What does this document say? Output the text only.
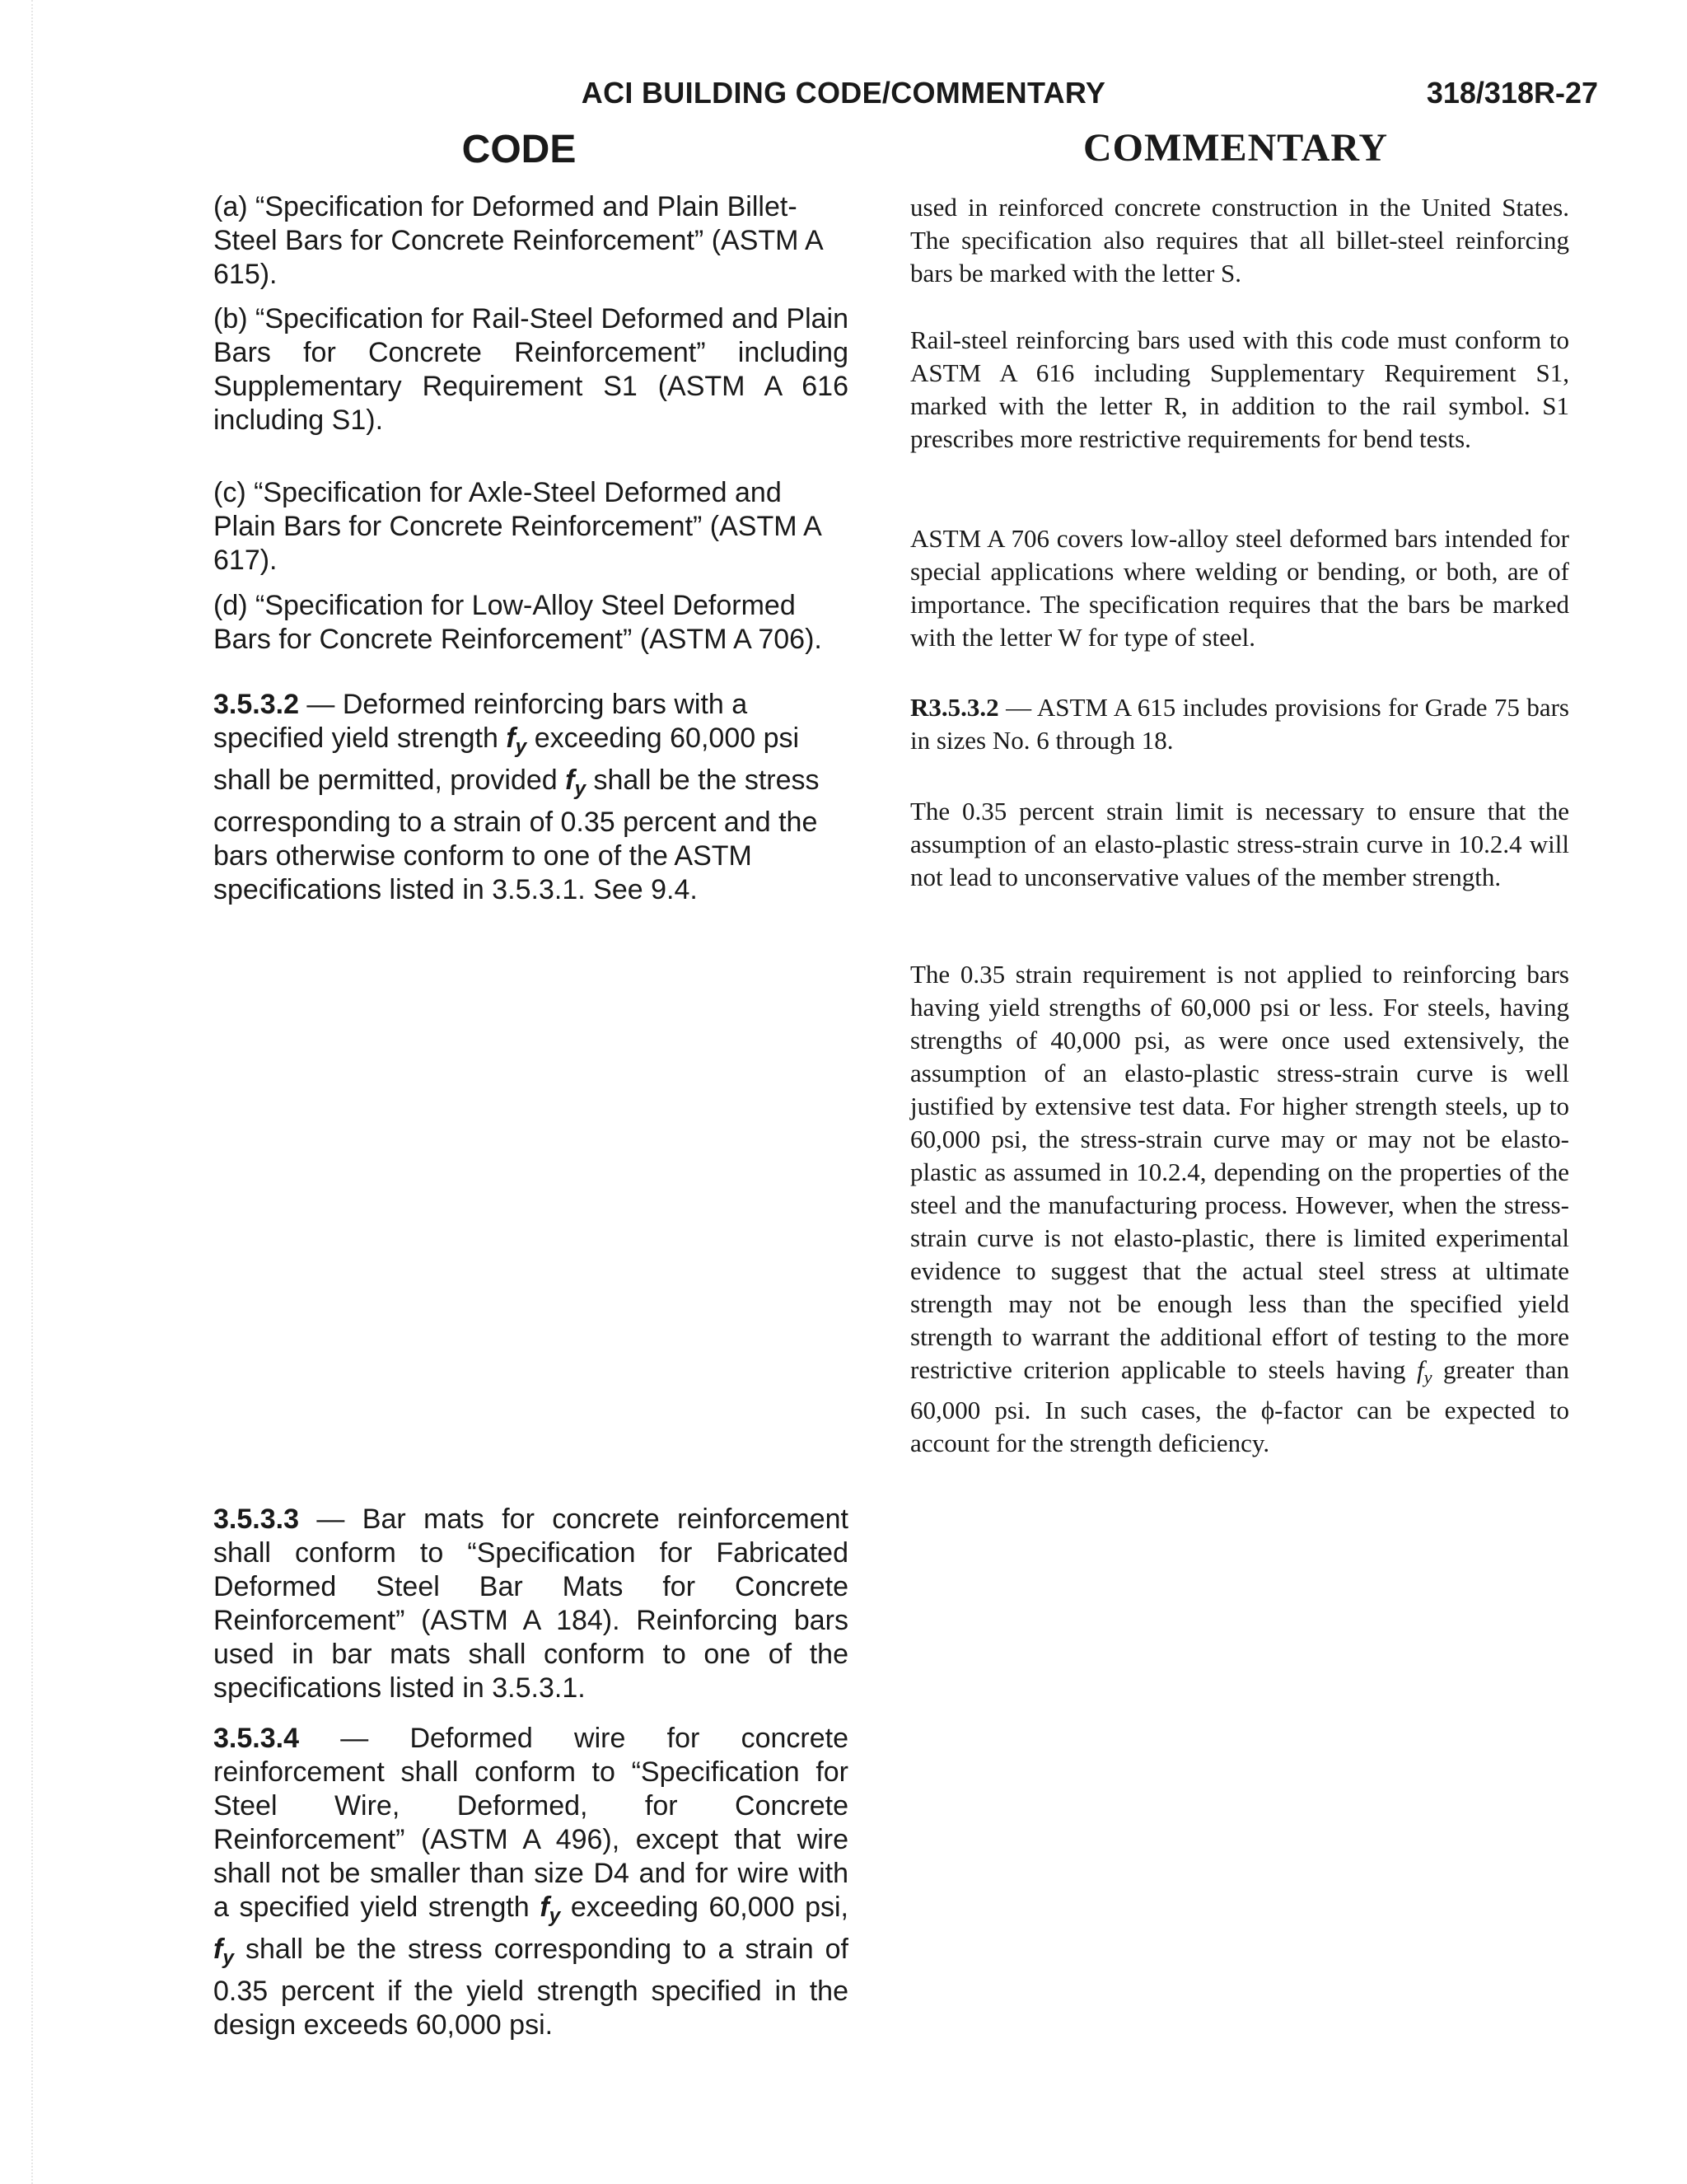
ACI BUILDING CODE/COMMENTARY	318/318R-27
CODE	COMMENTARY

(a) “Specification for Deformed and Plain Billet-Steel Bars for Concrete Reinforcement” (ASTM A 615).

(b) “Specification for Rail-Steel Deformed and Plain Bars for Concrete Reinforcement” including Supplementary Requirement S1 (ASTM A 616 including S1).

(c) “Specification for Axle-Steel Deformed and Plain Bars for Concrete Reinforcement” (ASTM A 617).

(d) “Specification for Low-Alloy Steel Deformed Bars for Concrete Reinforcement” (ASTM A 706).

3.5.3.2 — Deformed reinforcing bars with a specified yield strength $f_y$ exceeding 60,000 psi shall be permitted, provided $f_y$ shall be the stress corresponding to a strain of 0.35 percent and the bars otherwise conform to one of the ASTM specifications listed in 3.5.3.1. See 9.4.

3.5.3.3 — Bar mats for concrete reinforcement shall conform to “Specification for Fabricated Deformed Steel Bar Mats for Concrete Reinforcement” (ASTM A 184). Reinforcing bars used in bar mats shall conform to one of the specifications listed in 3.5.3.1.

3.5.3.4 — Deformed wire for concrete reinforcement shall conform to “Specification for Steel Wire, Deformed, for Concrete Reinforcement” (ASTM A 496), except that wire shall not be smaller than size D4 and for wire with a specified yield strength $f_y$ exceeding 60,000 psi, $f_y$ shall be the stress corresponding to a strain of 0.35 percent if the yield strength specified in the design exceeds 60,000 psi.

used in reinforced concrete construction in the United States. The specification also requires that all billet-steel reinforcing bars be marked with the letter S.

Rail-steel reinforcing bars used with this code must conform to ASTM A 616 including Supplementary Requirement S1, marked with the letter R, in addition to the rail symbol. S1 prescribes more restrictive requirements for bend tests.

ASTM A 706 covers low-alloy steel deformed bars intended for special applications where welding or bending, or both, are of importance. The specification requires that the bars be marked with the letter W for type of steel.

R3.5.3.2 — ASTM A 615 includes provisions for Grade 75 bars in sizes No. 6 through 18.

The 0.35 percent strain limit is necessary to ensure that the assumption of an elasto-plastic stress-strain curve in 10.2.4 will not lead to unconservative values of the member strength.

The 0.35 strain requirement is not applied to reinforcing bars having yield strengths of 60,000 psi or less. For steels, having strengths of 40,000 psi, as were once used extensively, the assumption of an elasto-plastic stress-strain curve is well justified by extensive test data. For higher strength steels, up to 60,000 psi, the stress-strain curve may or may not be elasto-plastic as assumed in 10.2.4, depending on the properties of the steel and the manufacturing process. However, when the stress-strain curve is not elasto-plastic, there is limited experimental evidence to suggest that the actual steel stress at ultimate strength may not be enough less than the specified yield strength to warrant the additional effort of testing to the more restrictive criterion applicable to steels having $f_y$ greater than 60,000 psi. In such cases, the ϕ-factor can be expected to account for the strength deficiency.
